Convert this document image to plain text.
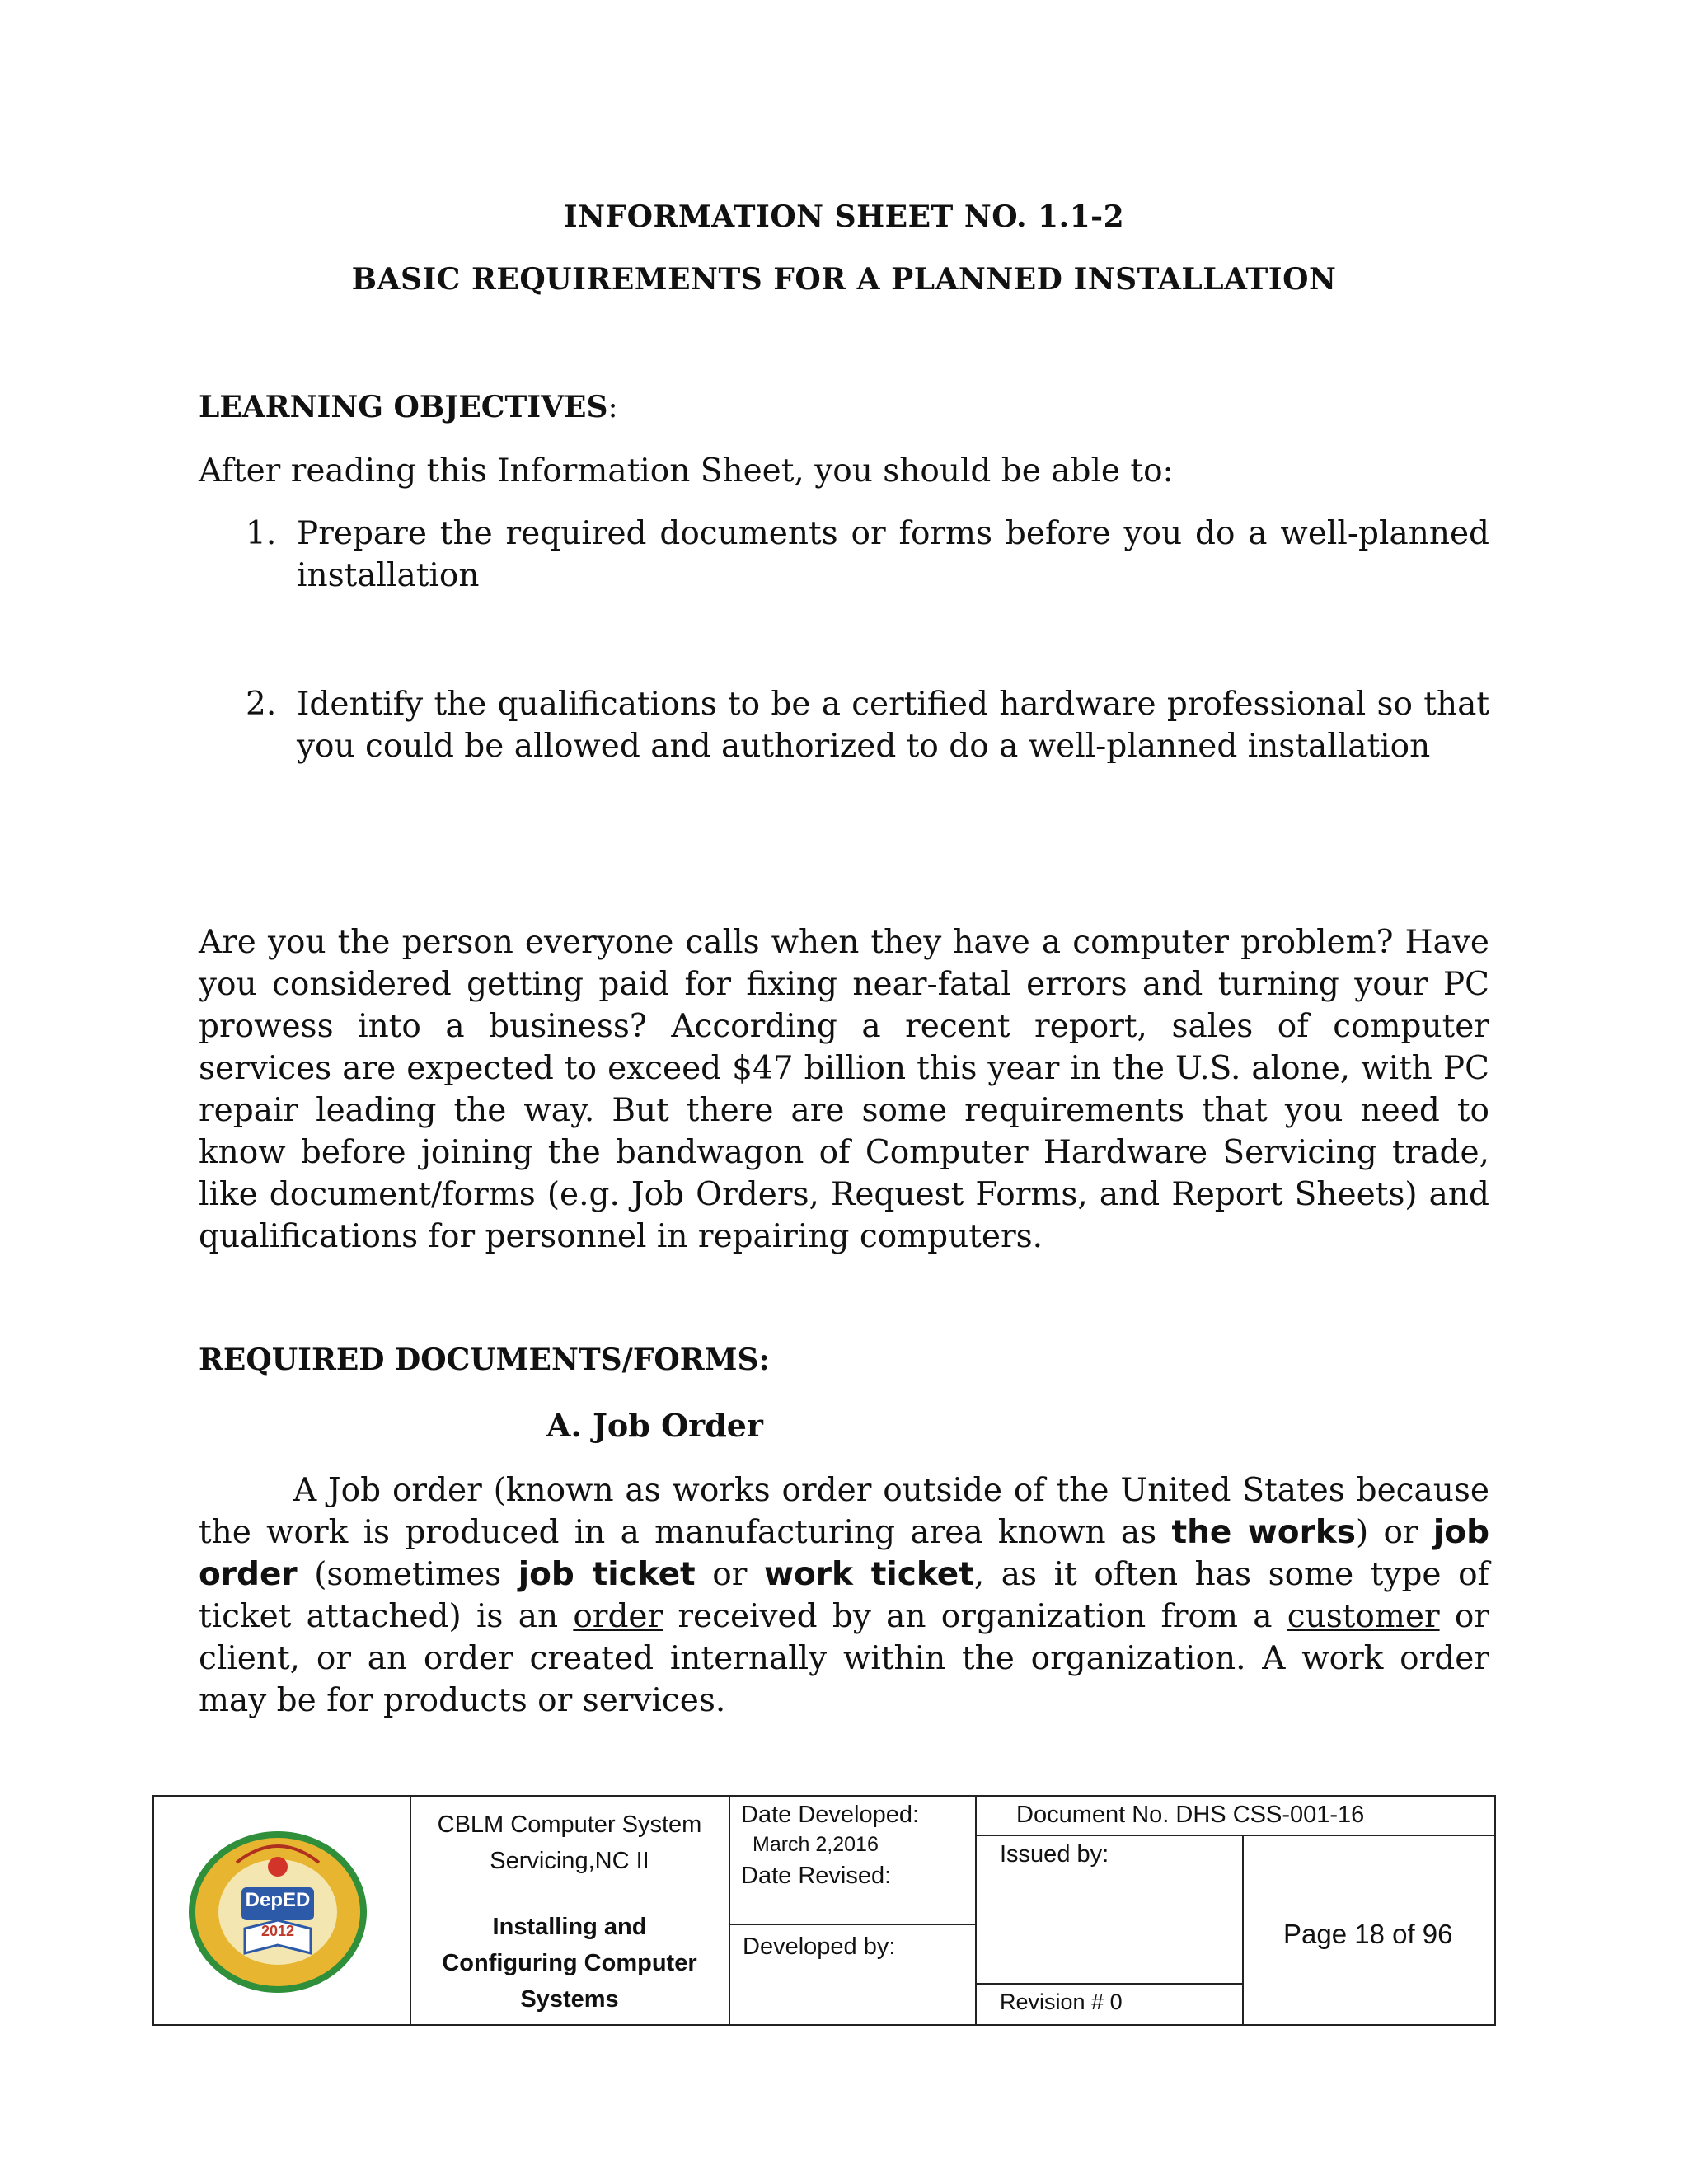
INFORMATION SHEET NO. 1.1-2
BASIC REQUIREMENTS FOR A PLANNED INSTALLATION
LEARNING OBJECTIVES:
After reading this Information Sheet, you should be able to:
1. Prepare the required documents or forms before you do a well-planned installation
2. Identify the qualifications to be a certified hardware professional so that you could be allowed and authorized to do a well-planned installation
Are you the person everyone calls when they have a computer problem? Have you considered getting paid for fixing near-fatal errors and turning your PC prowess into a business? According a recent report, sales of computer services are expected to exceed $47 billion this year in the U.S. alone, with PC repair leading the way. But there are some requirements that you need to know before joining the bandwagon of Computer Hardware Servicing trade, like document/forms (e.g. Job Orders, Request Forms, and Report Sheets) and qualifications for personnel in repairing computers.
REQUIRED DOCUMENTS/FORMS:
A. Job Order
A Job order (known as works order outside of the United States because the work is produced in a manufacturing area known as the works) or job order (sometimes job ticket or work ticket, as it often has some type of ticket attached) is an order received by an organization from a customer or client, or an order created internally within the organization. A work order may be for products or services.
DepED
2012
CBLM Computer System
Servicing,NC II
Installing and
Configuring Computer
Systems
Date Developed:
March 2,2016
Date Revised:
Developed by:
Document No. DHS CSS-001-16
Issued by:
Revision # 0
Page 18 of 96
